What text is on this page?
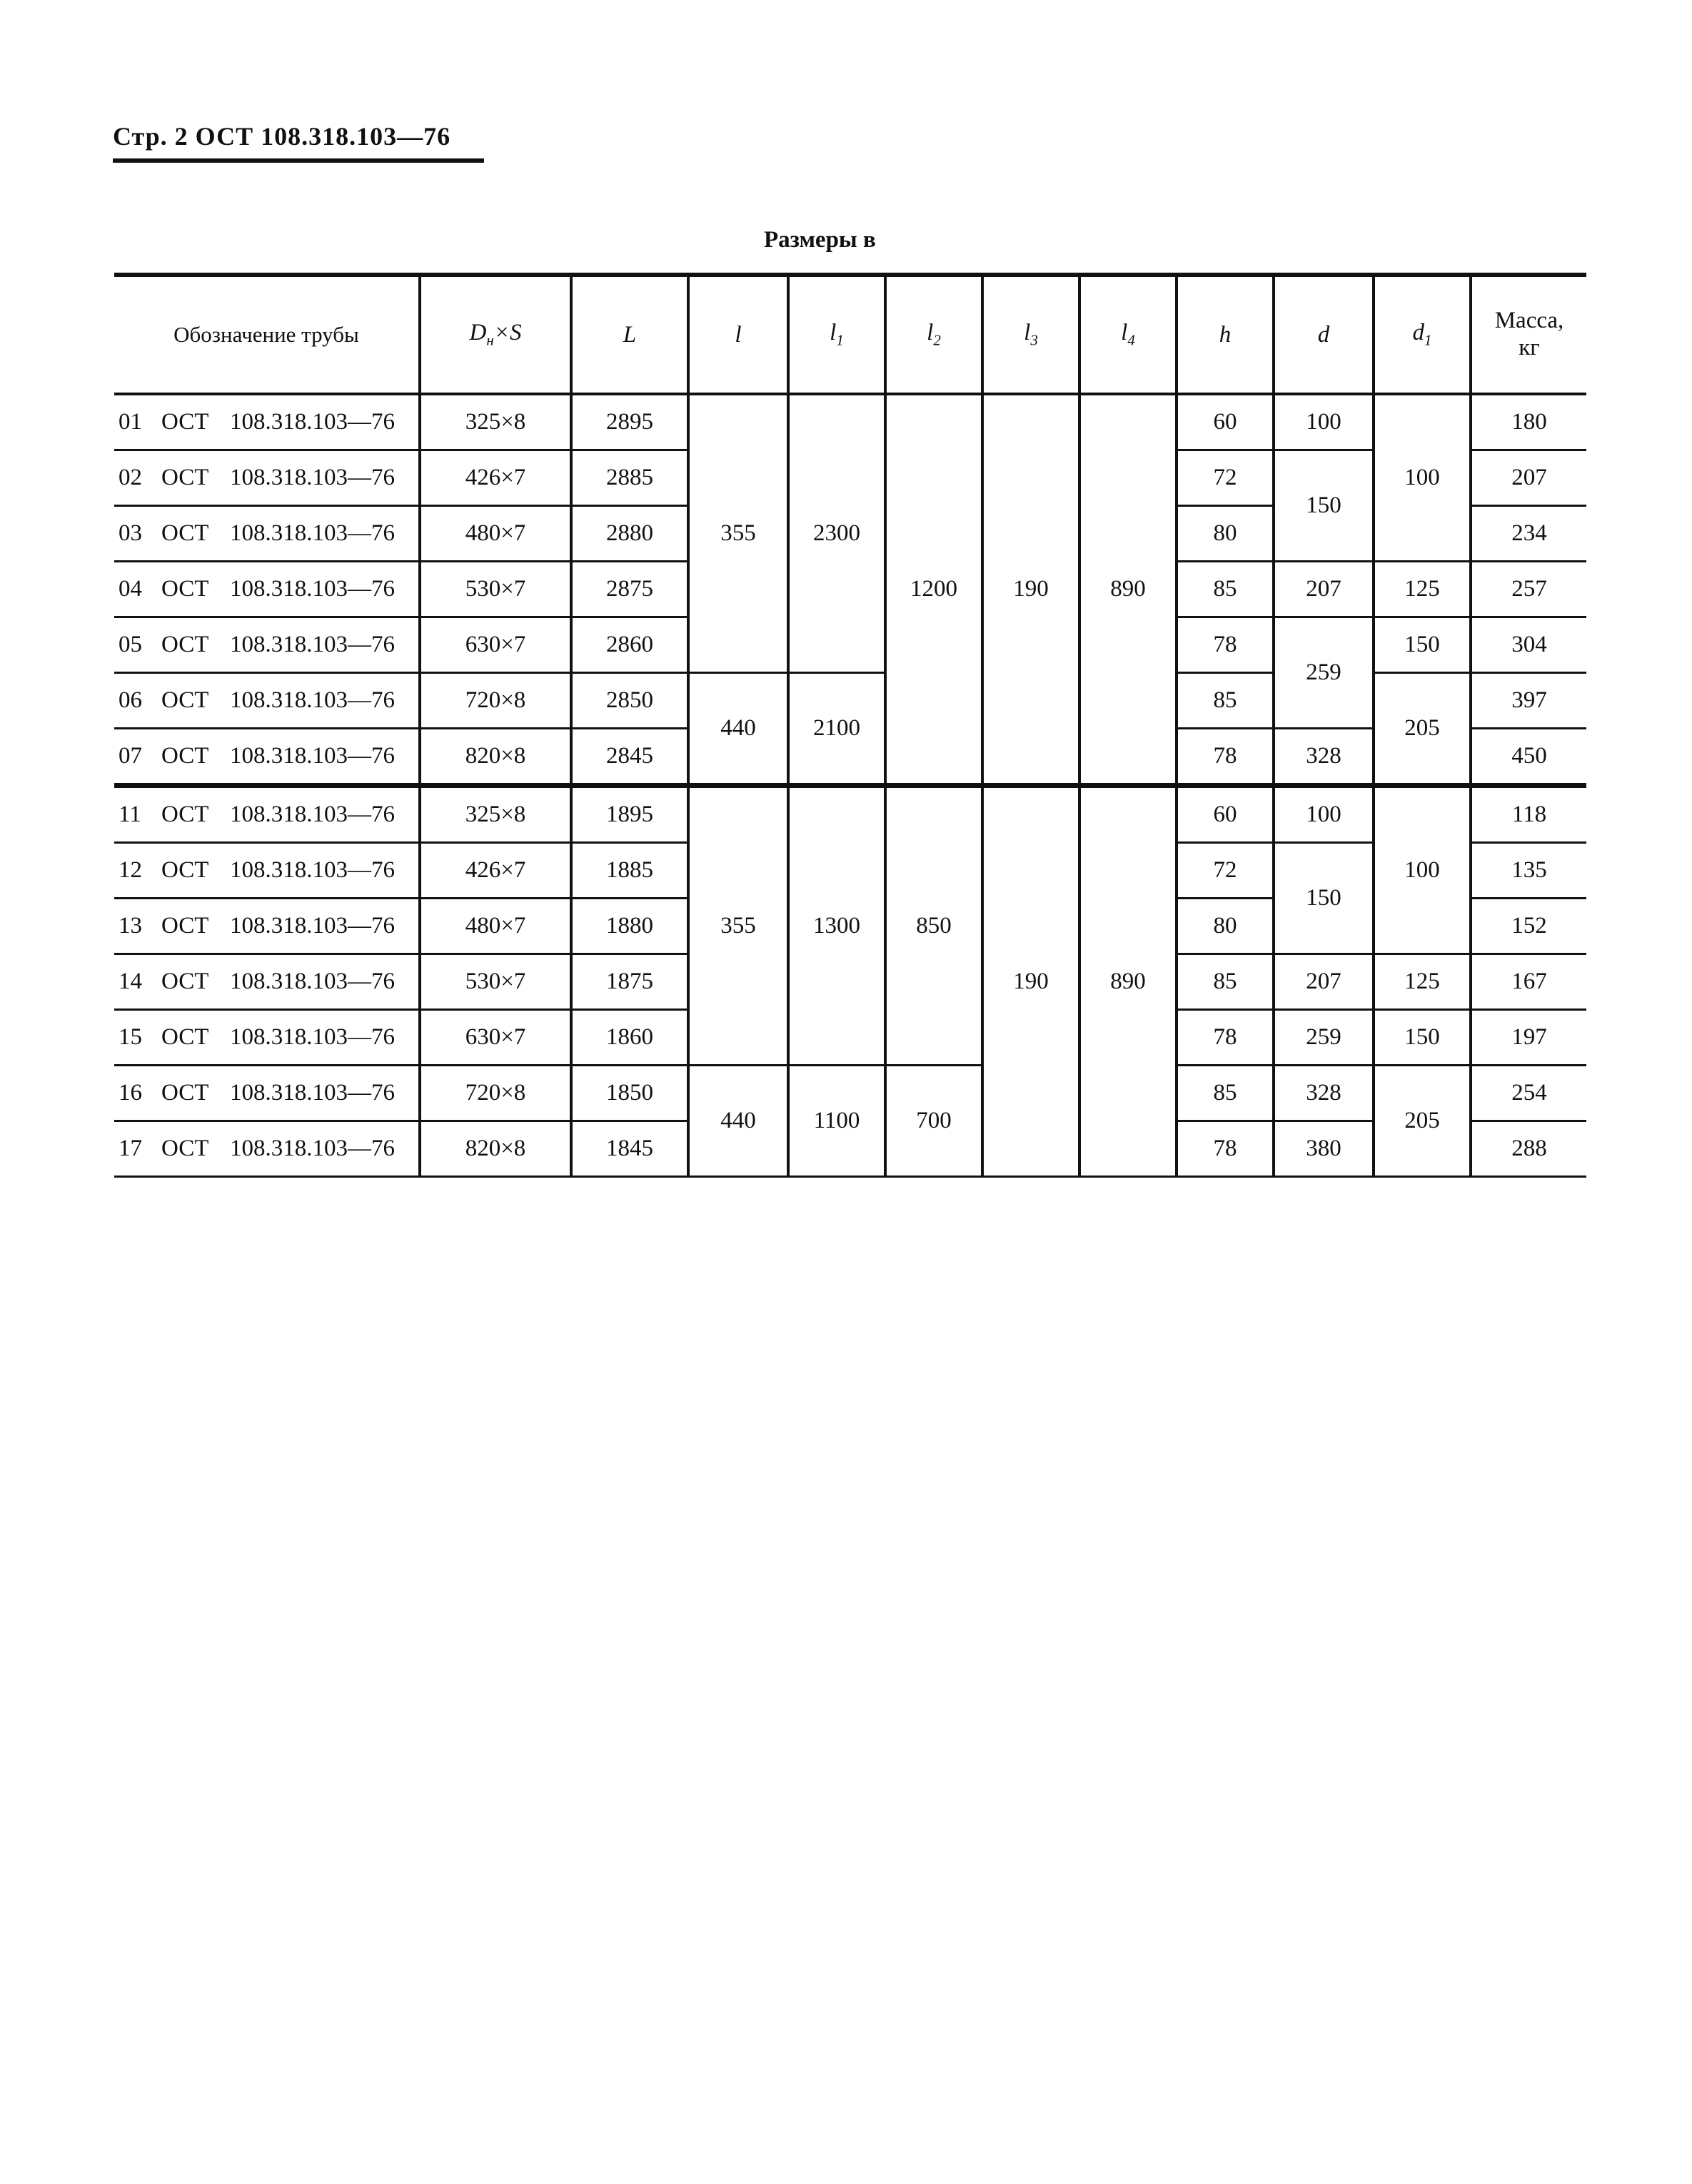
Стр. 2 ОСТ 108.318.103—76
Размеры в
Обозначение трубы	$D_н\times S$	L	l	$l_1$	$l_2$	$l_3$	$l_4$	h	d	$d_1$	Масса,
кг
01 ОСТ 108.318.103—76	325×8	2895	355	2300	1200	190	890	60	100	100	180
02 ОСТ 108.318.103—76	426×7	2885						72	150		207
03 ОСТ 108.318.103—76	480×7	2880						80			234
04 ОСТ 108.318.103—76	530×7	2875						85	207	125	257
05 ОСТ 108.318.103—76	630×7	2860						78	259	150	304
06 ОСТ 108.318.103—76	720×8	2850	440	2100				85		205	397
07 ОСТ 108.318.103—76	820×8	2845						78	328		450
11 ОСТ 108.318.103—76	325×8	1895	355	1300	850	190	890	60	100	100	118
12 ОСТ 108.318.103—76	426×7	1885						72	150		135
13 ОСТ 108.318.103—76	480×7	1880						80			152
14 ОСТ 108.318.103—76	530×7	1875						85	207	125	167
15 ОСТ 108.318.103—76	630×7	1860						78	259	150	197
16 ОСТ 108.318.103—76	720×8	1850	440	1100	700			85	328	205	254
17 ОСТ 108.318.103—76	820×8	1845						78	380		288
